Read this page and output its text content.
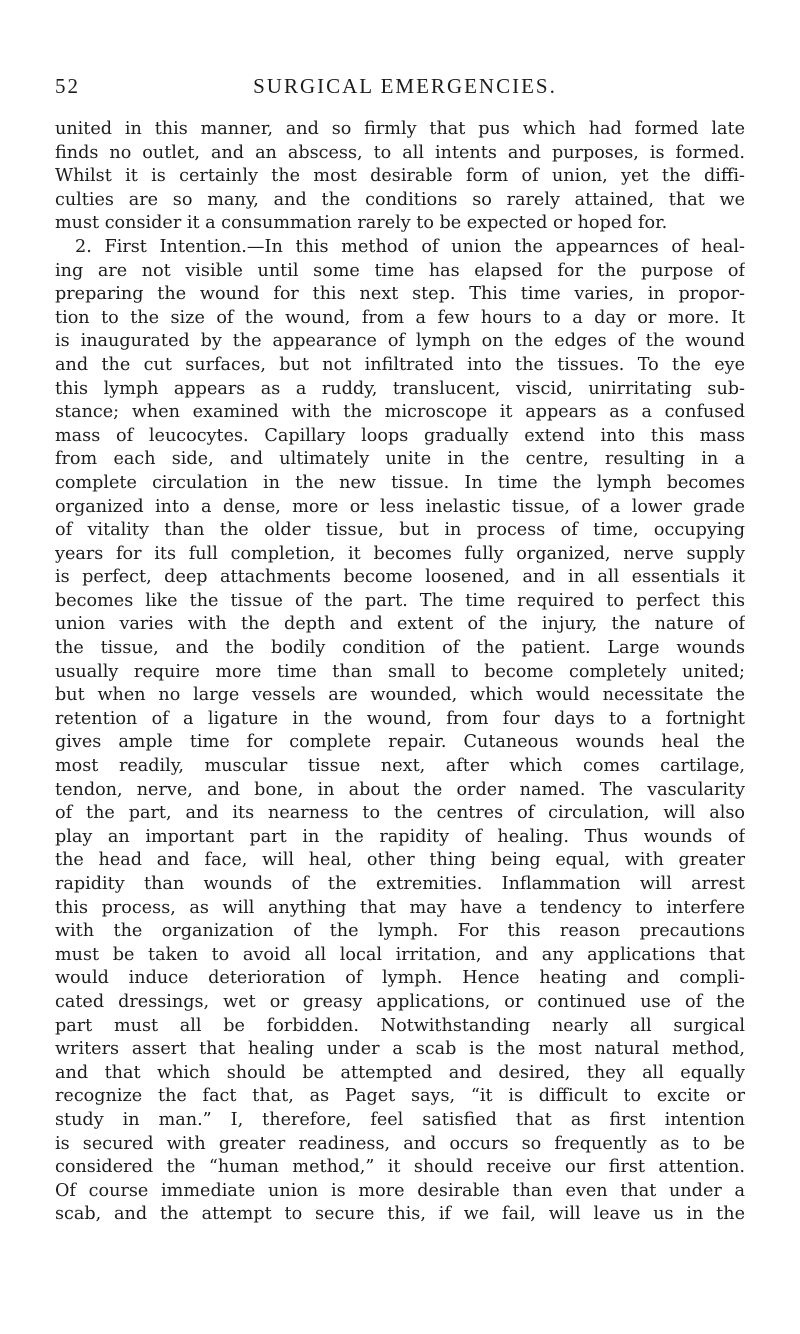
52	SURGICAL EMERGENCIES.
united in this manner, and so firmly that pus which had formed late
finds no outlet, and an abscess, to all intents and purposes, is formed.
Whilst it is certainly the most desirable form of union, yet the diffi-
culties are so many, and the conditions so rarely attained, that we
must consider it a consummation rarely to be expected or hoped for.
2. First Intention.—In this method of union the appearnces of heal-
ing are not visible until some time has elapsed for the purpose of
preparing the wound for this next step. This time varies, in propor-
tion to the size of the wound, from a few hours to a day or more. It
is inaugurated by the appearance of lymph on the edges of the wound
and the cut surfaces, but not infiltrated into the tissues. To the eye
this lymph appears as a ruddy, translucent, viscid, unirritating sub-
stance; when examined with the microscope it appears as a confused
mass of leucocytes. Capillary loops gradually extend into this mass
from each side, and ultimately unite in the centre, resulting in a
complete circulation in the new tissue. In time the lymph becomes
organized into a dense, more or less inelastic tissue, of a lower grade
of vitality than the older tissue, but in process of time, occupying
years for its full completion, it becomes fully organized, nerve supply
is perfect, deep attachments become loosened, and in all essentials it
becomes like the tissue of the part. The time required to perfect this
union varies with the depth and extent of the injury, the nature of
the tissue, and the bodily condition of the patient. Large wounds
usually require more time than small to become completely united;
but when no large vessels are wounded, which would necessitate the
retention of a ligature in the wound, from four days to a fortnight
gives ample time for complete repair. Cutaneous wounds heal the
most readily, muscular tissue next, after which comes cartilage,
tendon, nerve, and bone, in about the order named. The vascularity
of the part, and its nearness to the centres of circulation, will also
play an important part in the rapidity of healing. Thus wounds of
the head and face, will heal, other thing being equal, with greater
rapidity than wounds of the extremities. Inflammation will arrest
this process, as will anything that may have a tendency to interfere
with the organization of the lymph. For this reason precautions
must be taken to avoid all local irritation, and any applications that
would induce deterioration of lymph. Hence heating and compli-
cated dressings, wet or greasy applications, or continued use of the
part must all be forbidden. Notwithstanding nearly all surgical
writers assert that healing under a scab is the most natural method,
and that which should be attempted and desired, they all equally
recognize the fact that, as Paget says, “it is difficult to excite or
study in man.” I, therefore, feel satisfied that as first intention
is secured with greater readiness, and occurs so frequently as to be
considered the “human method,” it should receive our first attention.
Of course immediate union is more desirable than even that under a
scab, and the attempt to secure this, if we fail, will leave us in the
